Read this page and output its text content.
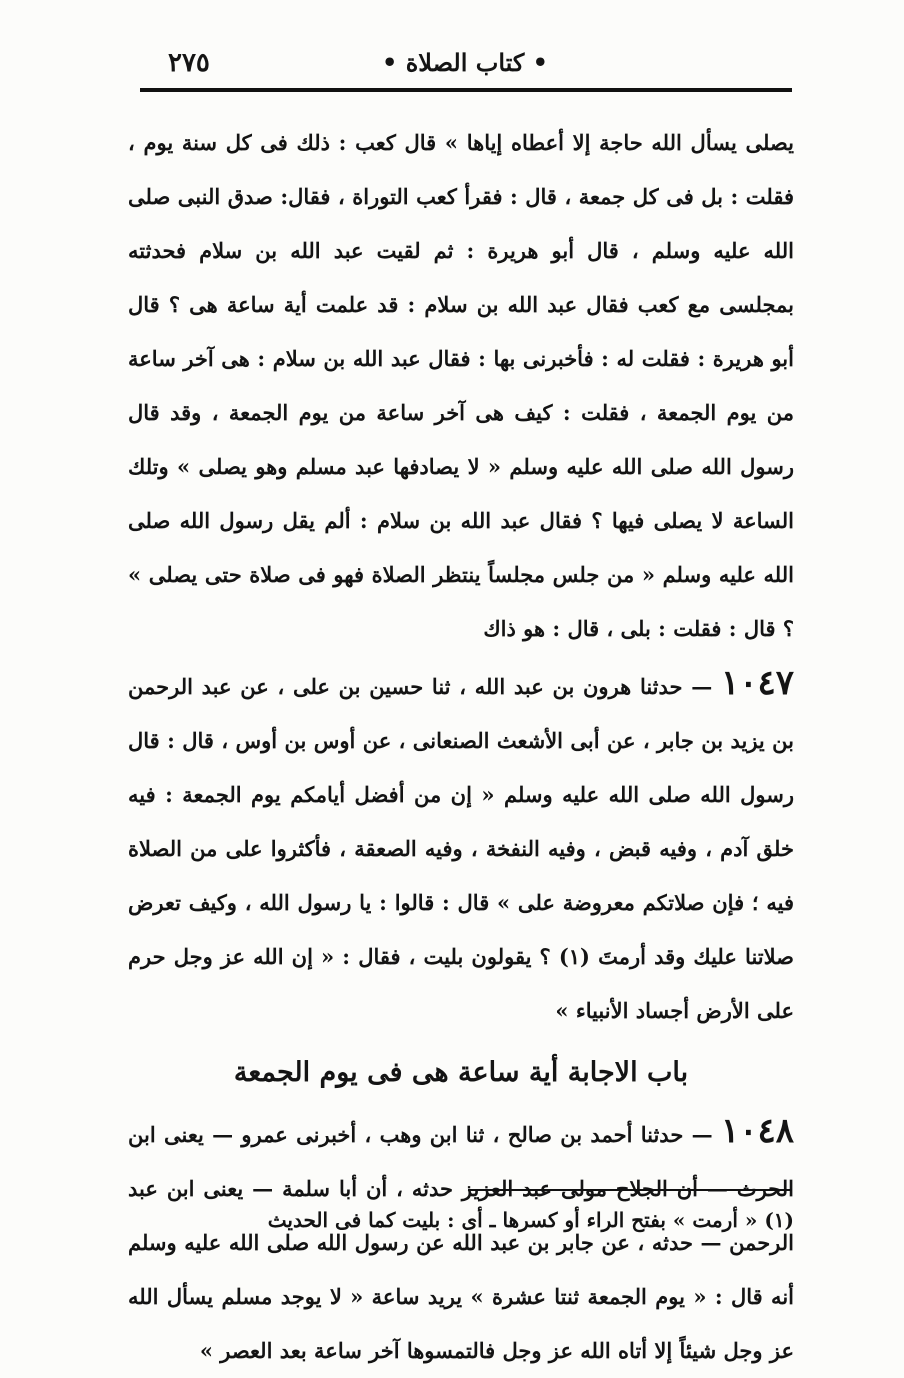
٢٧٥	• كتاب الصلاة •

يصلى يسأل الله حاجة إلا أعطاه إياها » قال كعب : ذلك فى كل سنة يوم ، فقلت : بل فى كل جمعة ، قال : فقرأ كعب التوراة ، فقال: صدق النبى صلى الله عليه وسلم ، قال أبو هريرة : ثم لقيت عبد الله بن سلام فحدثته بمجلسى مع كعب فقال عبد الله بن سلام : قد علمت أية ساعة هى ؟ قال أبو هريرة : فقلت له : فأخبرنى بها : فقال عبد الله بن سلام : هى آخر ساعة من يوم الجمعة ، فقلت : كيف هى آخر ساعة من يوم الجمعة ، وقد قال رسول الله صلى الله عليه وسلم « لا يصادفها عبد مسلم وهو يصلى » وتلك الساعة لا يصلى فيها ؟ فقال عبد الله بن سلام : ألم يقل رسول الله صلى الله عليه وسلم « من جلس مجلساً ينتظر الصلاة فهو فى صلاة حتى يصلى » ؟ قال : فقلت : بلى ، قال : هو ذاك

١٠٤٧ — حدثنا هرون بن عبد الله ، ثنا حسين بن على ، عن عبد الرحمن بن يزيد بن جابر ، عن أبى الأشعث الصنعانى ، عن أوس بن أوس ، قال : قال رسول الله صلى الله عليه وسلم « إن من أفضل أيامكم يوم الجمعة : فيه خلق آدم ، وفيه قبض ، وفيه النفخة ، وفيه الصعقة ، فأكثروا على من الصلاة فيه ؛ فإن صلاتكم معروضة على » قال : قالوا : يا رسول الله ، وكيف تعرض صلاتنا عليك وقد أرمتَ (١) ؟ يقولون بليت ، فقال : « إن الله عز وجل حرم على الأرض أجساد الأنبياء »

باب الاجابة أية ساعة هى فى يوم الجمعة

١٠٤٨ — حدثنا أحمد بن صالح ، ثنا ابن وهب ، أخبرنى عمرو — يعنى ابن الحرث — أن الجلاح مولى عبد العزيز حدثه ، أن أبا سلمة — يعنى ابن عبد الرحمن — حدثه ، عن جابر بن عبد الله عن رسول الله صلى الله عليه وسلم أنه قال : « يوم الجمعة ثنتا عشرة » يريد ساعة « لا يوجد مسلم يسأل الله عز وجل شيئاً إلا أتاه الله عز وجل فالتمسوها آخر ساعة بعد العصر »

(١) « أرمت » بفتح الراء أو كسرها ـ أى : بليت كما فى الحديث
